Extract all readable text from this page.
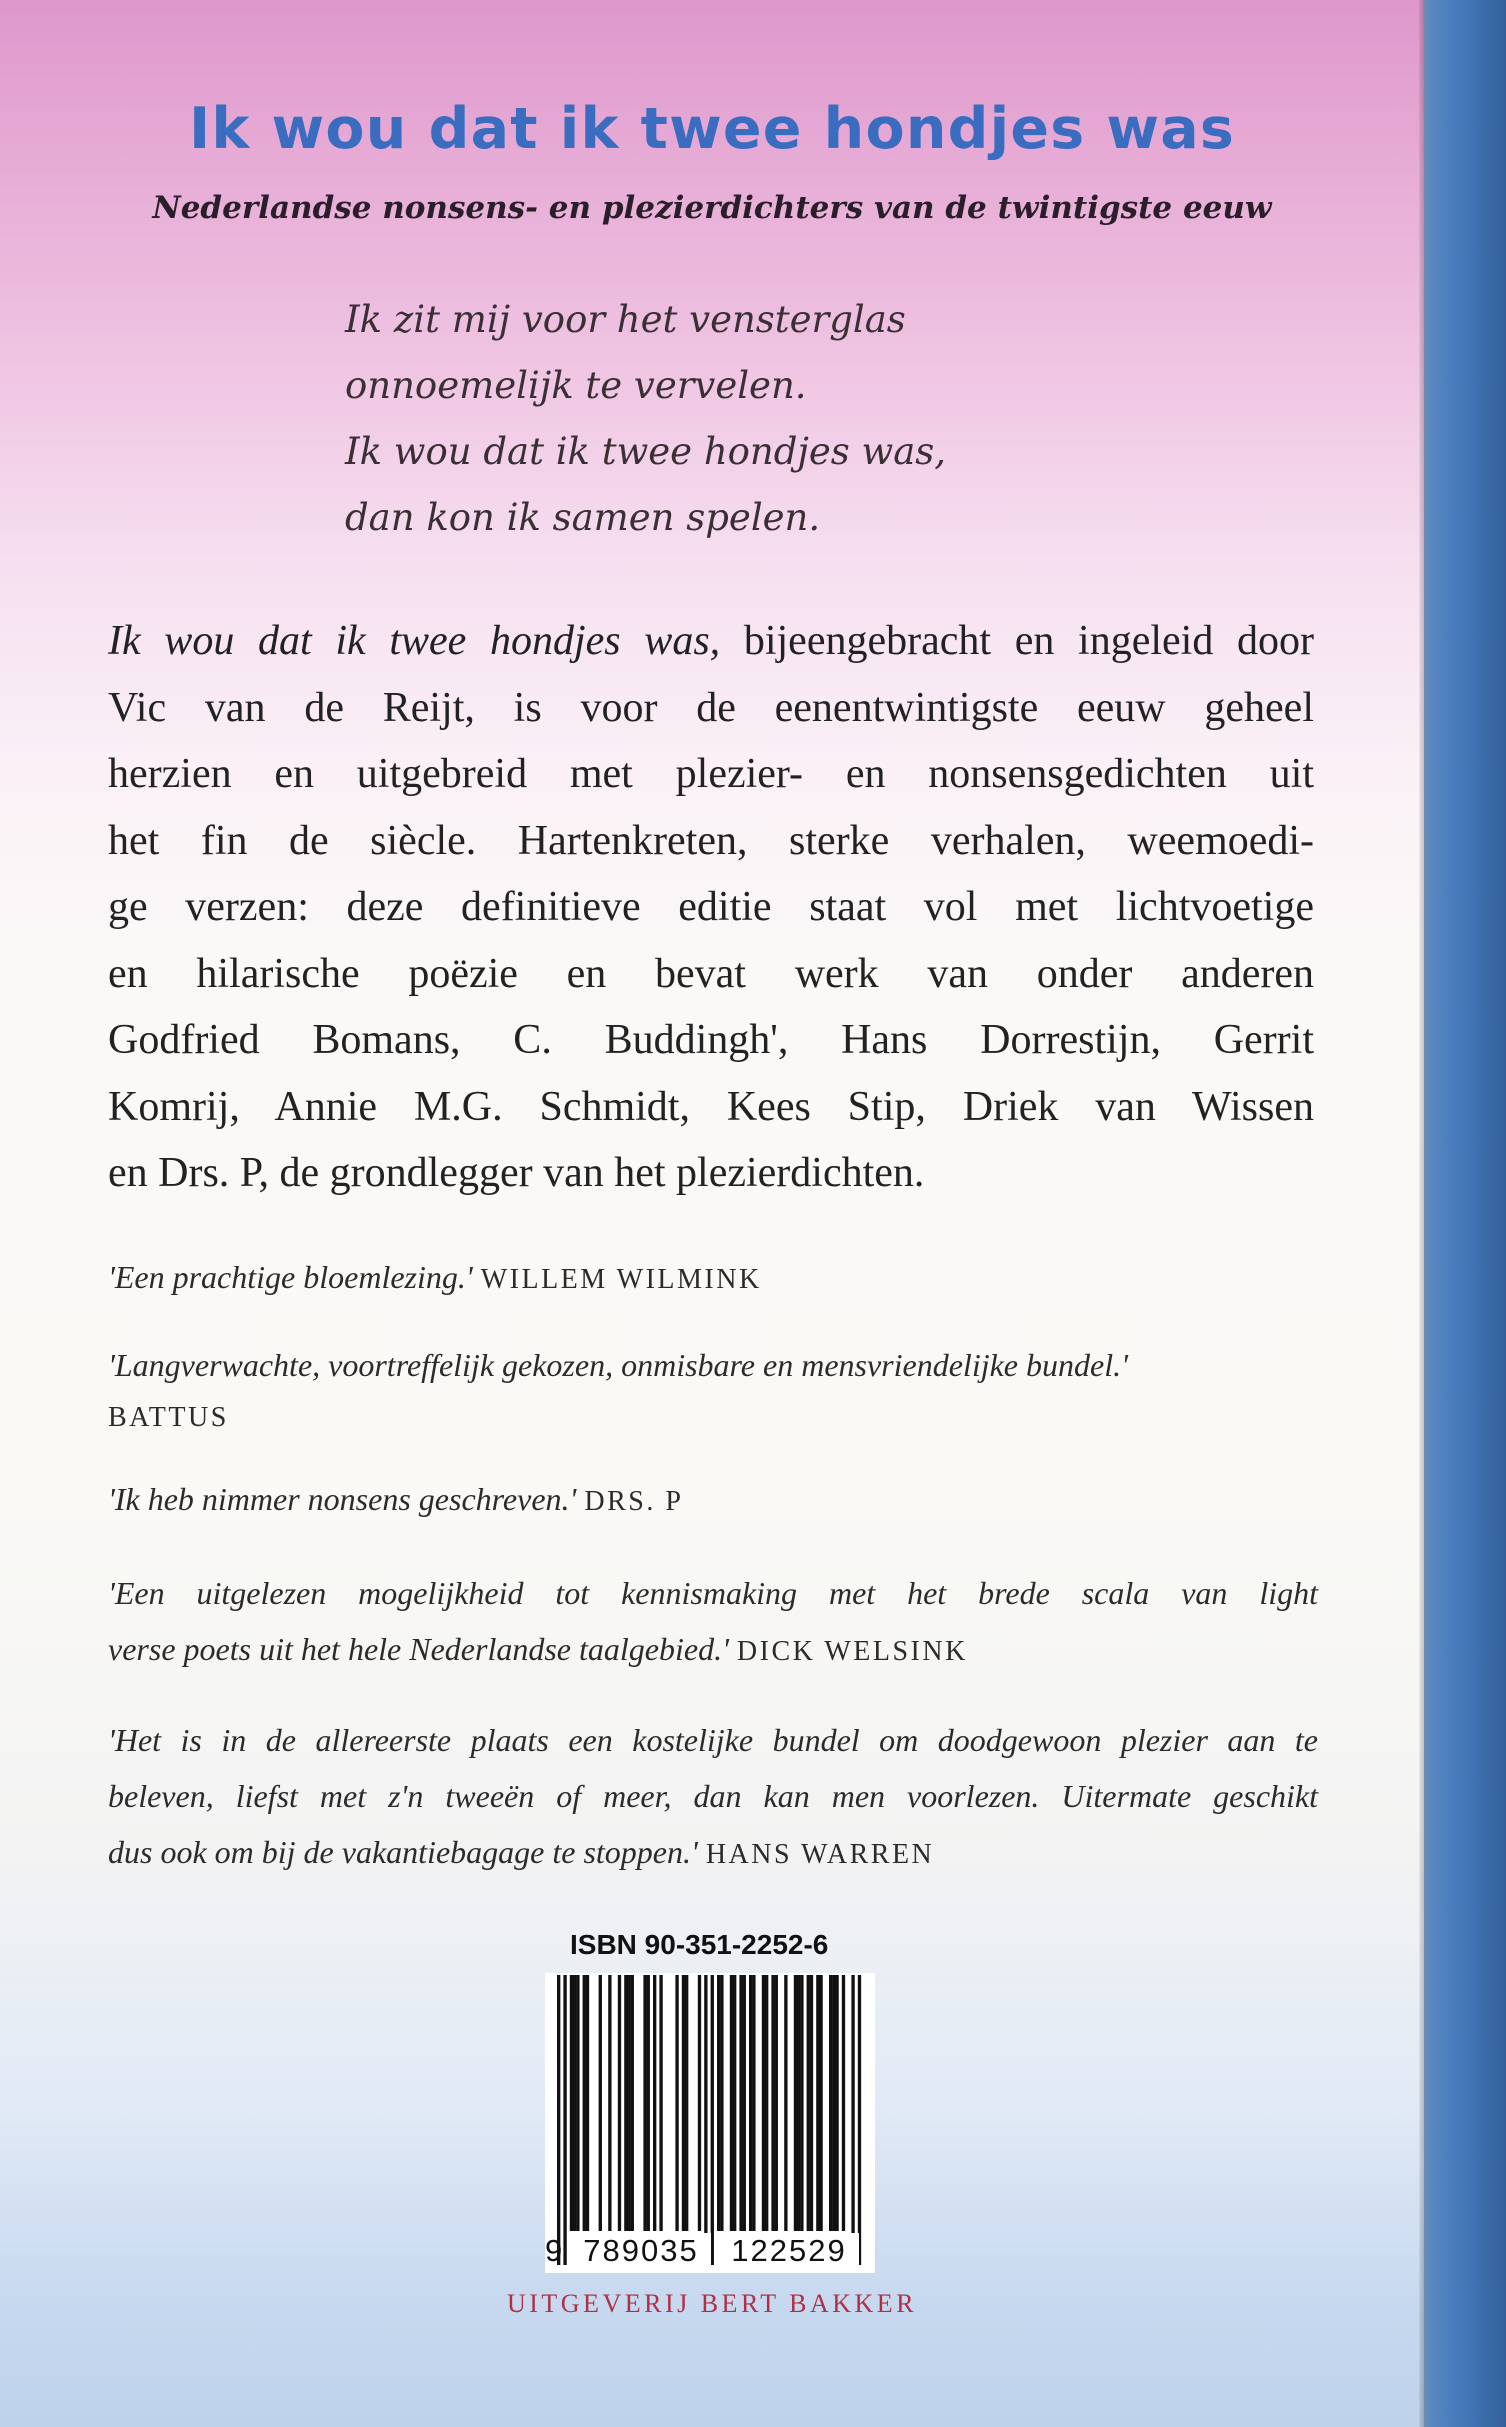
Ik wou dat ik twee hondjes was
Nederlandse nonsens- en plezierdichters van de twintigste eeuw
Ik zit mij voor het vensterglas
onnoemelijk te vervelen.
Ik wou dat ik twee hondjes was,
dan kon ik samen spelen.
Ik wou dat ik twee hondjes was, bijeengebracht en ingeleid door
Vic van de Reijt, is voor de eenentwintigste eeuw geheel
herzien en uitgebreid met plezier- en nonsensgedichten uit
het fin de siècle. Hartenkreten, sterke verhalen, weemoedi-
ge verzen: deze definitieve editie staat vol met lichtvoetige
en hilarische poëzie en bevat werk van onder anderen
Godfried Bomans, C. Buddingh', Hans Dorrestijn, Gerrit
Komrij, Annie M.G. Schmidt, Kees Stip, Driek van Wissen
en Drs. P, de grondlegger van het plezierdichten.
'Een prachtige bloemlezing.' WILLEM WILMINK
'Langverwachte, voortreffelijk gekozen, onmisbare en mensvriendelijke bundel.'
BATTUS
'Ik heb nimmer nonsens geschreven.' DRS. P
'Een uitgelezen mogelijkheid tot kennismaking met het brede scala van light
verse poets uit het hele Nederlandse taalgebied.' DICK WELSINK
'Het is in de allereerste plaats een kostelijke bundel om doodgewoon plezier aan te
beleven, liefst met z'n tweeën of meer, dan kan men voorlezen. Uitermate geschikt
dus ook om bij de vakantiebagage te stoppen.' HANS WARREN
ISBN 90-351-2252-6
9 789035	122529
UITGEVERIJ BERT BAKKER
